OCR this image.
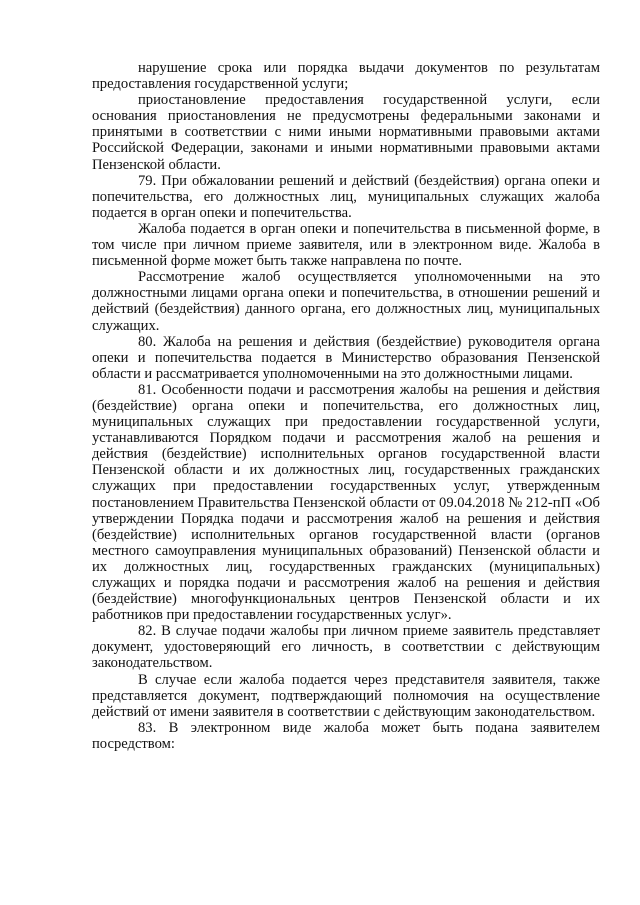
нарушение срока или порядка выдачи документов по результатам предоставления государственной услуги;

приостановление предоставления государственной услуги, если основания приостановления не предусмотрены федеральными законами и принятыми в соответствии с ними иными нормативными правовыми актами Российской Федерации, законами и иными нормативными правовыми актами Пензенской области.

79. При обжаловании решений и действий (бездействия) органа опеки и попечительства, его должностных лиц, муниципальных служащих жалоба подается в орган опеки и попечительства.

Жалоба подается в орган опеки и попечительства в письменной форме, в том числе при личном приеме заявителя, или в электронном виде. Жалоба в письменной форме может быть также направлена по почте.

Рассмотрение жалоб осуществляется уполномоченными на это должностными лицами органа опеки и попечительства, в отношении решений и действий (бездействия) данного органа, его должностных лиц, муниципальных служащих.

80. Жалоба на решения и действия (бездействие) руководителя органа опеки и попечительства подается в Министерство образования Пензенской области и рассматривается уполномоченными на это должностными лицами.

81. Особенности подачи и рассмотрения жалобы на решения и действия (бездействие) органа опеки и попечительства, его должностных лиц, муниципальных служащих при предоставлении государственной услуги, устанавливаются Порядком подачи и рассмотрения жалоб на решения и действия (бездействие) исполнительных органов государственной власти Пензенской области и их должностных лиц, государственных гражданских служащих при предоставлении государственных услуг, утвержденным постановлением Правительства Пензенской области от 09.04.2018 № 212-пП «Об утверждении Порядка подачи и рассмотрения жалоб на решения и действия (бездействие) исполнительных органов государственной власти (органов местного самоуправления муниципальных образований) Пензенской области и их должностных лиц, государственных гражданских (муниципальных) служащих и порядка подачи и рассмотрения жалоб на решения и действия (бездействие) многофункциональных центров Пензенской области и их работников при предоставлении государственных услуг».

82. В случае подачи жалобы при личном приеме заявитель представляет документ, удостоверяющий его личность, в соответствии с действующим законодательством.

В случае если жалоба подается через представителя заявителя, также представляется документ, подтверждающий полномочия на осуществление действий от имени заявителя в соответствии с действующим законодательством.

83. В электронном виде жалоба может быть подана заявителем посредством:
